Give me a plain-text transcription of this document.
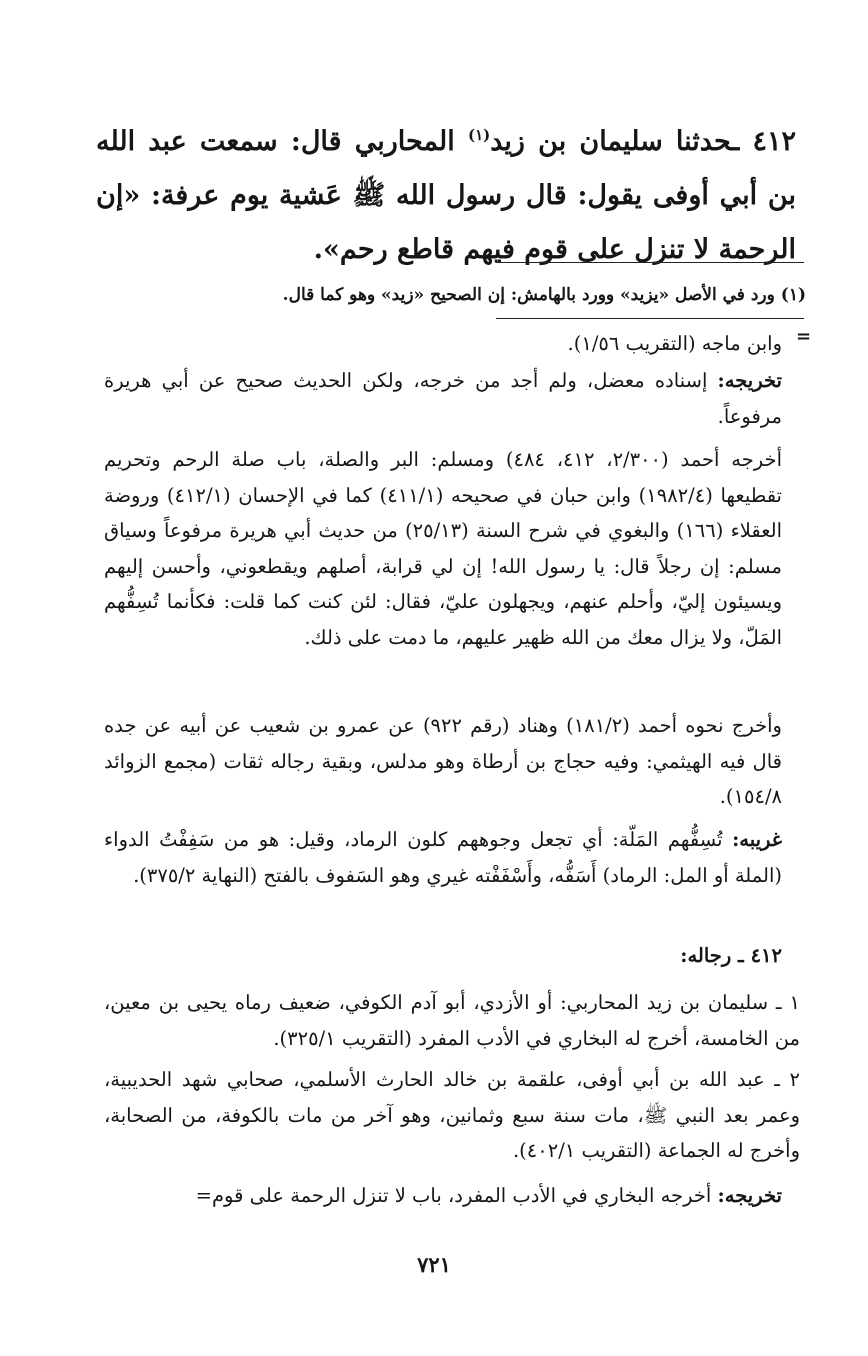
٤١٢ ـحدثنا سليمان بن زيد$^{(١)}$ المحاربي قال: سمعت عبد الله بن أبي أوفى يقول: قال رسول الله ﷺ عَشية يوم عرفة: «إن الرحمة لا تنزل على قوم فيهم قاطع رحم».

(١) ورد في الأصل «يزيد» وورد بالهامش: إن الصحيح «زيد» وهو كما قال.

=

وابن ماجه (التقريب ١/٥٦).

تخريجه: إسناده معضل، ولم أجد من خرجه، ولكن الحديث صحيح عن أبي هريرة مرفوعاً.

أخرجه أحمد (٢/٣٠٠، ٤١٢، ٤٨٤) ومسلم: البر والصلة، باب صلة الرحم وتحريم تقطيعها (١٩٨٢/٤) وابن حبان في صحيحه (٤١١/١) كما في الإحسان (٤١٢/١) وروضة العقلاء (١٦٦) والبغوي في شرح السنة (٢٥/١٣) من حديث أبي هريرة مرفوعاً وسياق مسلم: إن رجلاً قال: يا رسول الله! إن لي قرابة، أصلهم ويقطعوني، وأحسن إليهم ويسيئون إليّ، وأحلم عنهم، ويجهلون عليّ، فقال: لئن كنت كما قلت: فكأنما تُسِفُّهم المَلّ، ولا يزال معك من الله ظهير عليهم، ما دمت على ذلك.

وأخرج نحوه أحمد (١٨١/٢) وهناد (رقم ٩٢٢) عن عمرو بن شعيب عن أبيه عن جده قال فيه الهيثمي: وفيه حجاج بن أرطاة وهو مدلس، وبقية رجاله ثقات (مجمع الزوائد ١٥٤/٨).

غريبه: تُسِفُّهم المَلّة: أي تجعل وجوههم كلون الرماد، وقيل: هو من سَفِفْتُ الدواء (الملة أو المل: الرماد) أَسَفُّه، وأَسْفَفْته غيري وهو السَفوف بالفتح (النهاية ٣٧٥/٢).

٤١٢ ـ رجاله:

١ ـ سليمان بن زيد المحاربي: أو الأزدي، أبو آدم الكوفي، ضعيف رماه يحيى بن معين، من الخامسة، أخرج له البخاري في الأدب المفرد (التقريب ٣٢٥/١).

٢ ـ عبد الله بن أبي أوفى، علقمة بن خالد الحارث الأسلمي، صحابي شهد الحديبية، وعمر بعد النبي ﷺ، مات سنة سبع وثمانين، وهو آخر من مات بالكوفة، من الصحابة، وأخرج له الجماعة (التقريب ٤٠٢/١).

تخريجه: أخرجه البخاري في الأدب المفرد، باب لا تنزل الرحمة على قوم=

٧٢١
